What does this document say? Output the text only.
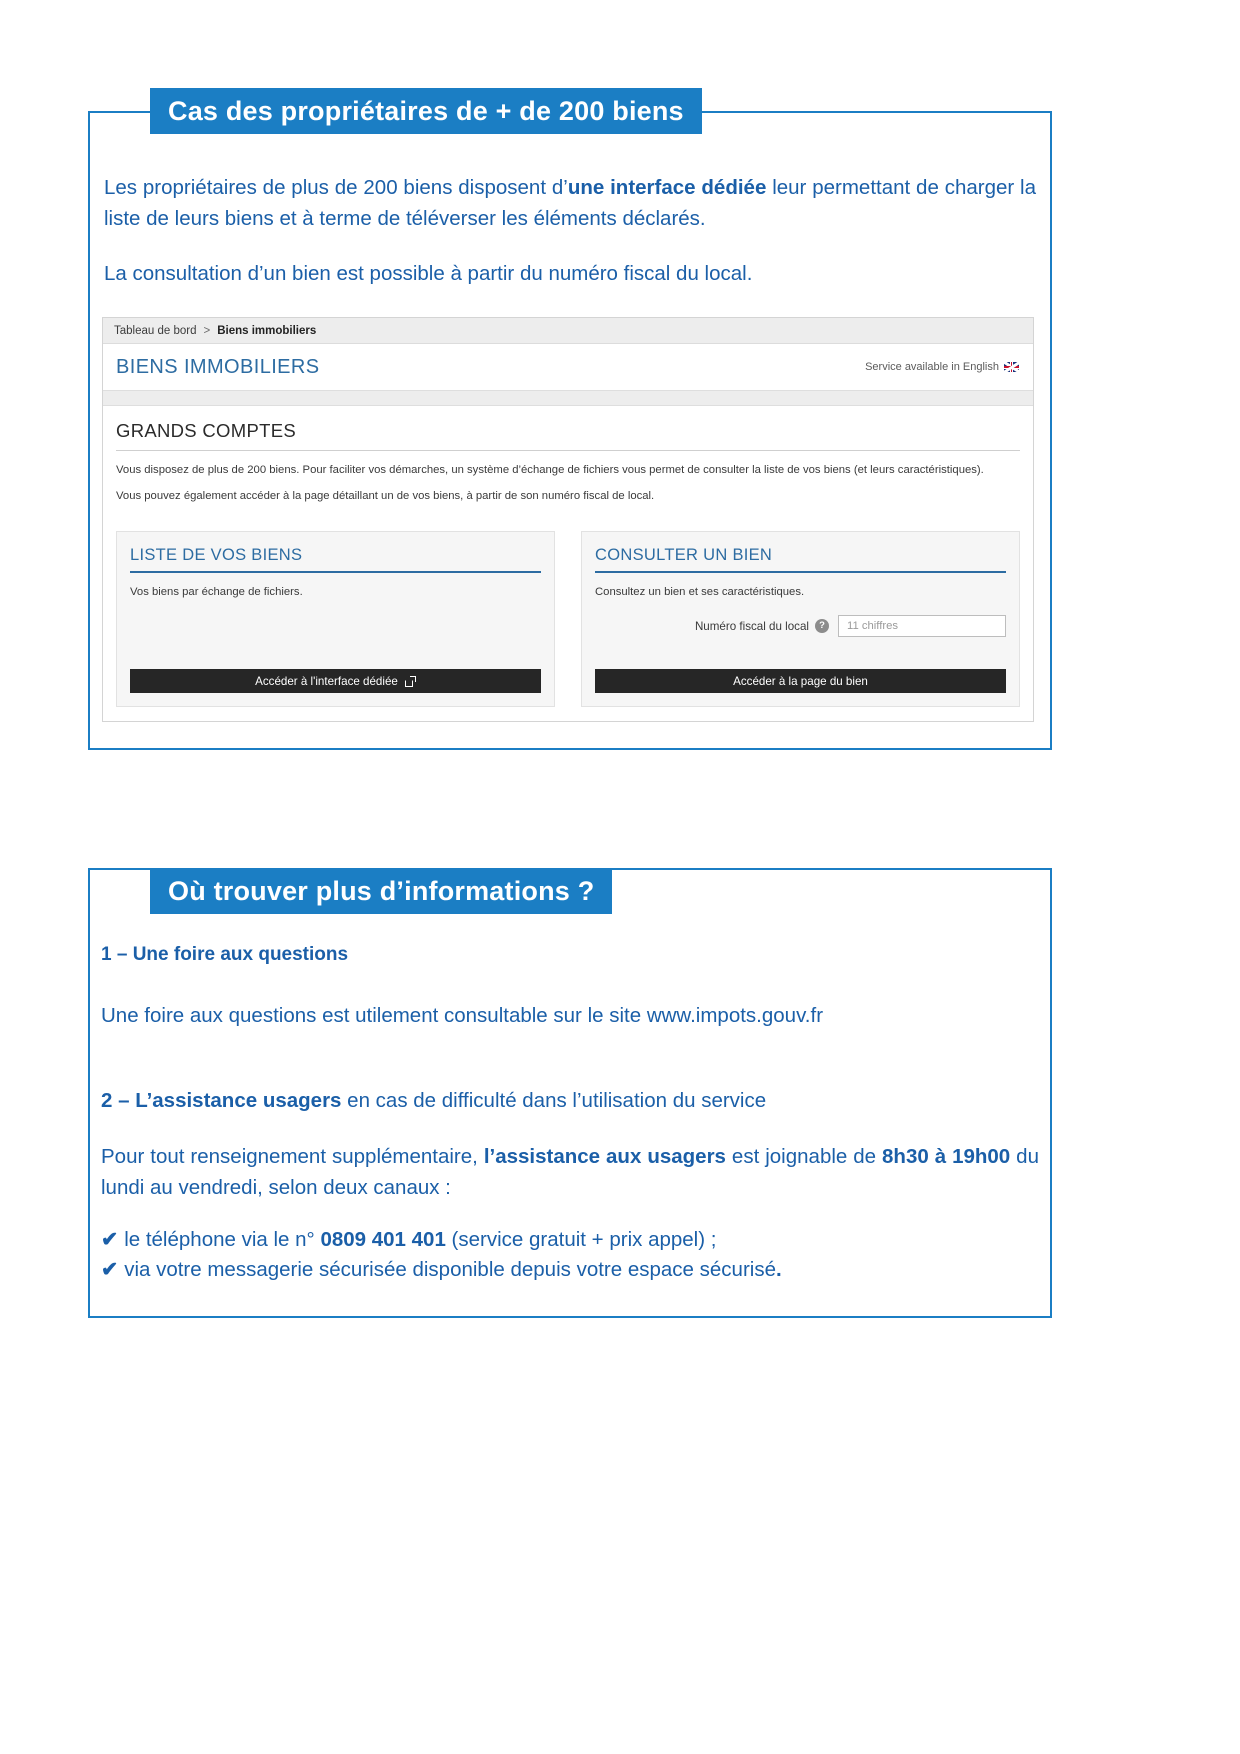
Cas des propriétaires de + de 200 biens
Les propriétaires de plus de 200 biens disposent d’une interface dédiée leur permettant de charger la liste de leurs biens et à terme de téléverser les éléments déclarés.
La consultation d’un bien est possible à partir du numéro fiscal du local.
Tableau de bord > Biens immobiliers
BIENS IMMOBILIERS	Service available in English
GRANDS COMPTES
Vous disposez de plus de 200 biens. Pour faciliter vos démarches, un système d’échange de fichiers vous permet de consulter la liste de vos biens (et leurs caractéristiques).
Vous pouvez également accéder à la page détaillant un de vos biens, à partir de son numéro fiscal de local.
LISTE DE VOS BIENS
Vos biens par échange de fichiers.
Accéder à l'interface dédiée
CONSULTER UN BIEN
Consultez un bien et ses caractéristiques.
Numéro fiscal du local	?
11 chiffres
Accéder à la page du bien
Où trouver plus d’informations ?
1 – Une foire aux questions
Une foire aux questions est utilement consultable sur le site www.impots.gouv.fr
2 – L’assistance usagers en cas de difficulté dans l’utilisation du service
Pour tout renseignement supplémentaire, l’assistance aux usagers est joignable de 8h30 à 19h00 du lundi au vendredi, selon deux canaux :
✔ le téléphone via le n° 0809 401 401 (service gratuit + prix appel) ;
✔ via votre messagerie sécurisée disponible depuis votre espace sécurisé.
